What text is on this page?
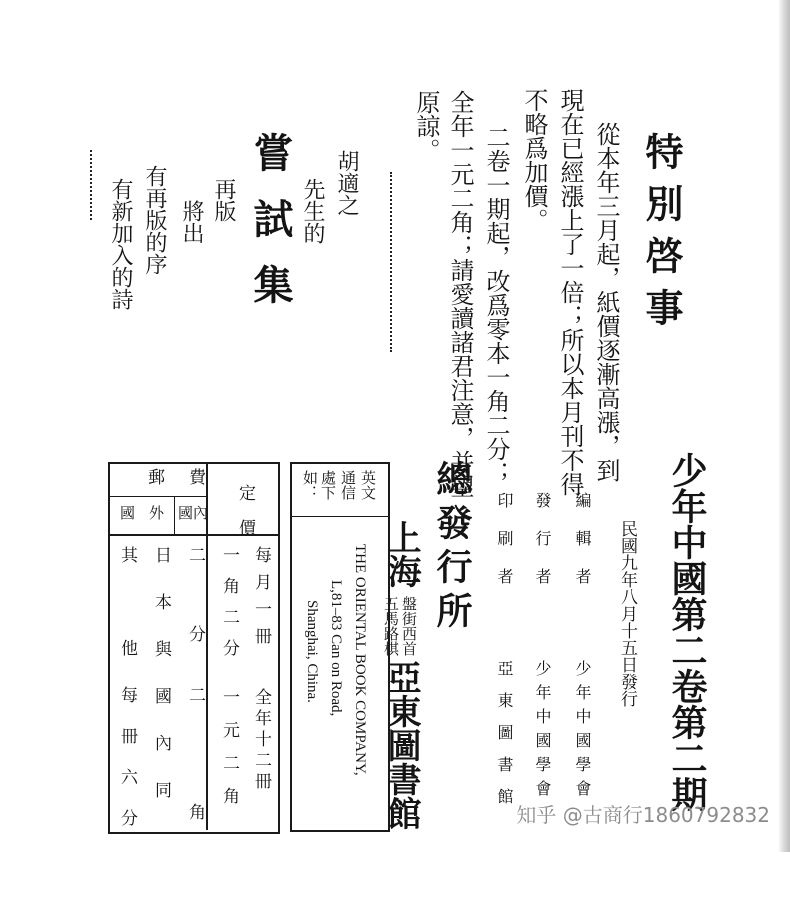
特別啓事
從本年三月起，紙價逐漸高漲，到
現在已經漲上了一倍；所以本月刊不得
不略爲加價。
二卷一期起，改爲零本一角二分；
全年一元二角；請愛讀諸君注意，并望
原諒。
胡適之
先生的
嘗試集
再版
將出
有再版的序
有新加入的詩
少年中國第二卷第二期
民國九年八月十五日發行
編輯者
少年中國學會
發行者
少年中國學會
印刷者
亞東圖書館
總發行所
上海
五馬路棋 盤街西首
亞東圖書館
英文
通信
處下
如：
THE ORIENTAL BOOK COMPANY,
L,81–83 Can on Road,
Shanghai, China.
定價
郵費
國內
國外
每月一冊
全年十二冊
一角二分
一元二角
二分
二角
日本與國內同
其他
每冊六分	知乎 @古商行1860792832
